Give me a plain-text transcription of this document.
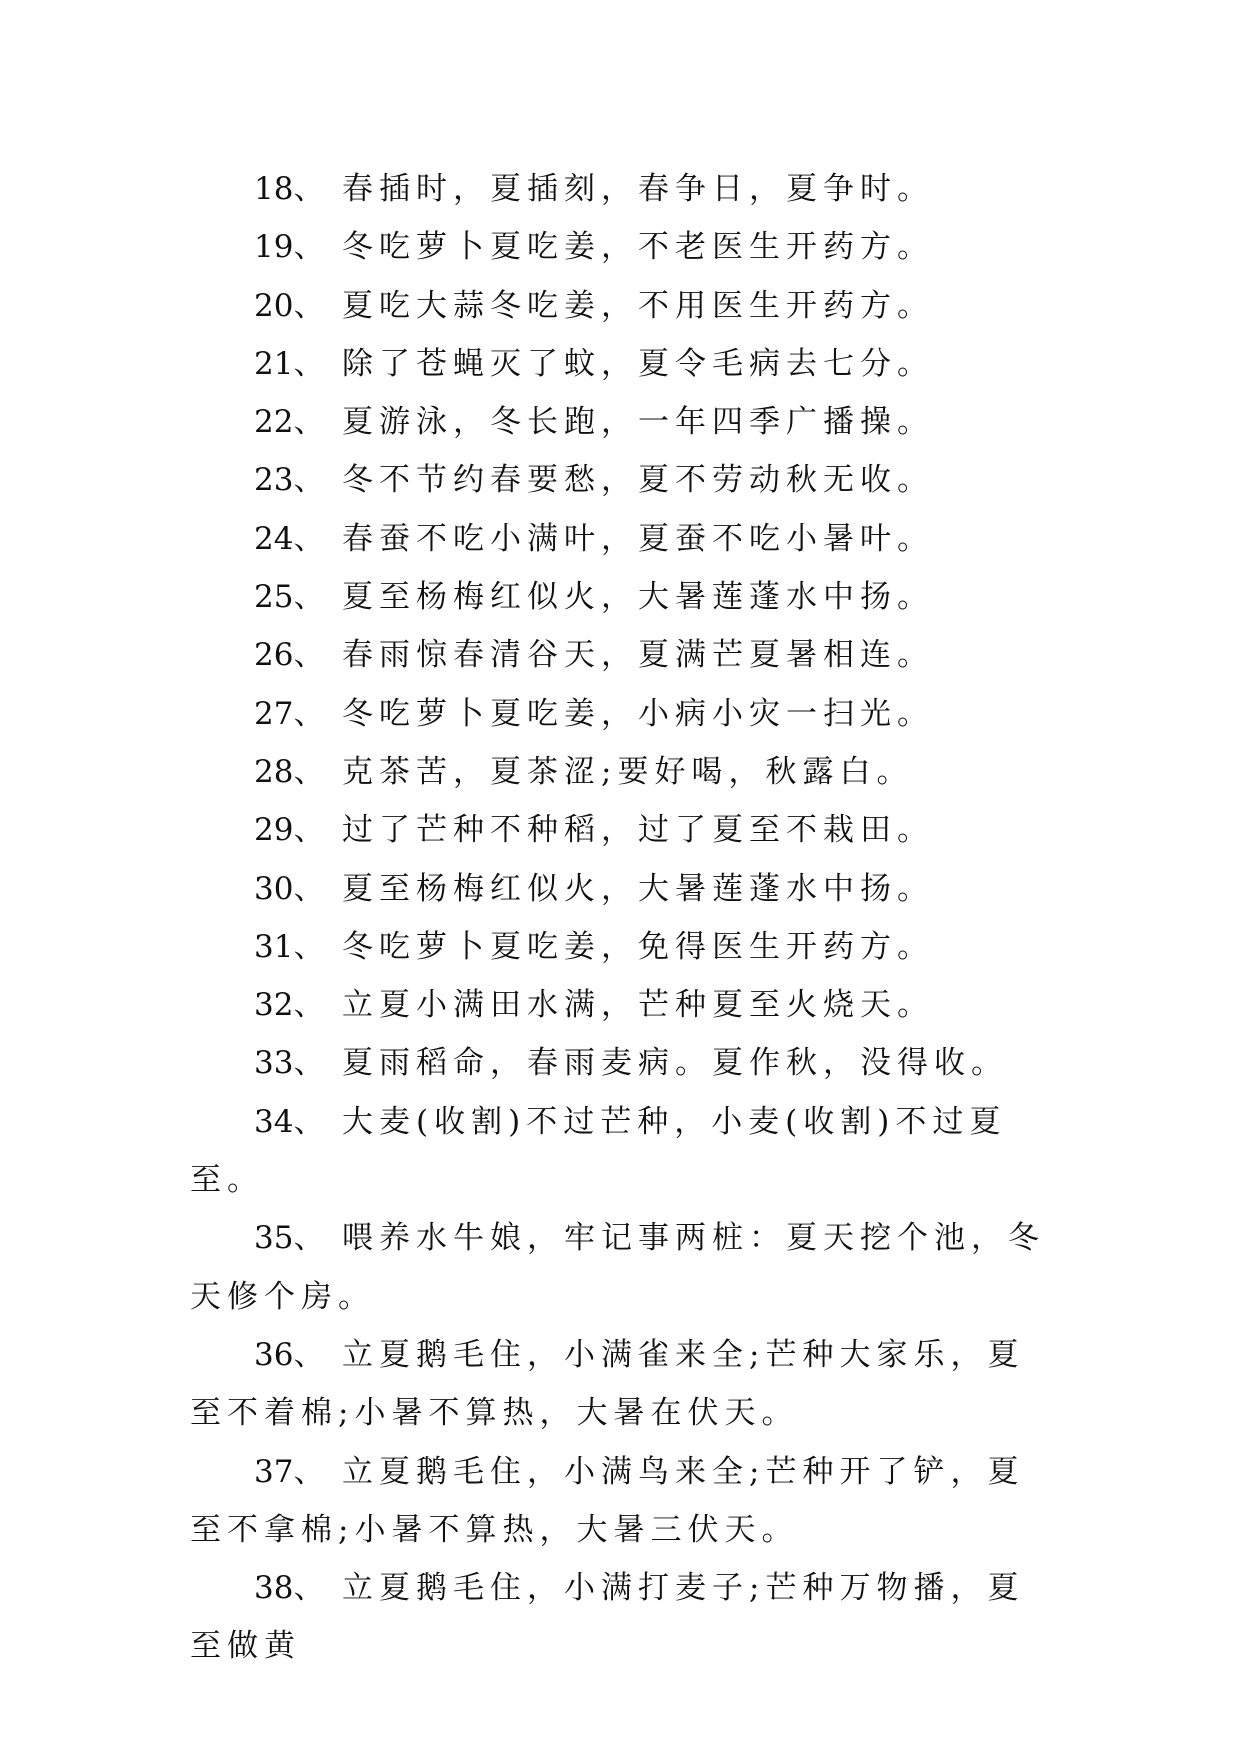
18、 春插时，夏插刻，春争日，夏争时。

19、 冬吃萝卜夏吃姜，不老医生开药方。

20、 夏吃大蒜冬吃姜，不用医生开药方。

21、 除了苍蝇灭了蚊，夏令毛病去七分。

22、 夏游泳，冬长跑，一年四季广播操。

23、 冬不节约春要愁，夏不劳动秋无收。

24、 春蚕不吃小满叶，夏蚕不吃小暑叶。

25、 夏至杨梅红似火，大暑莲蓬水中扬。

26、 春雨惊春清谷天，夏满芒夏暑相连。

27、 冬吃萝卜夏吃姜，小病小灾一扫光。

28、 克茶苦，夏茶涩;要好喝，秋露白。

29、 过了芒种不种稻，过了夏至不栽田。

30、 夏至杨梅红似火，大暑莲蓬水中扬。

31、 冬吃萝卜夏吃姜，免得医生开药方。

32、 立夏小满田水满，芒种夏至火烧天。

33、 夏雨稻命，春雨麦病。夏作秋，没得收。

34、 大麦(收割)不过芒种，小麦(收割)不过夏至。

35、 喂养水牛娘，牢记事两桩：夏天挖个池，冬天修个房。

36、 立夏鹅毛住，小满雀来全;芒种大家乐，夏至不着棉;小暑不算热，大暑在伏天。

37、 立夏鹅毛住，小满鸟来全;芒种开了铲，夏至不拿棉;小暑不算热，大暑三伏天。

38、 立夏鹅毛住，小满打麦子;芒种万物播，夏至做黄
